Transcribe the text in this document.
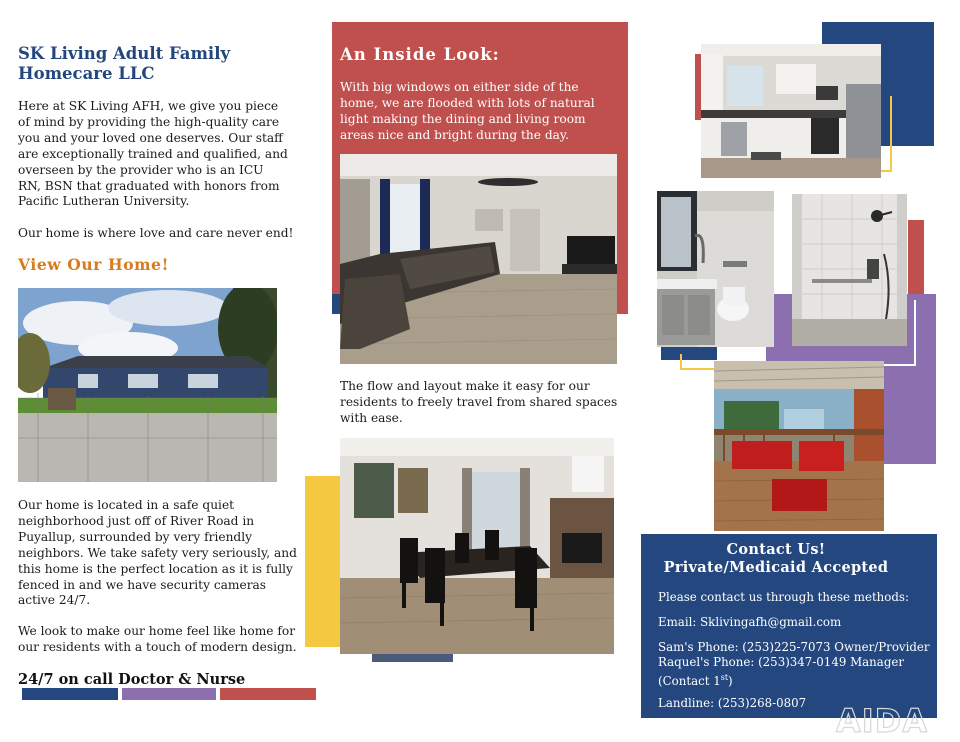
SK Living Adult Family
Homecare LLC
Here at SK Living AFH, we give you piece of mind by providing the high-quality care you and your loved one deserves. Our staff are exceptionally trained and qualified, and overseen by the provider who is an ICU RN, BSN that graduated with honors from Pacific Lutheran University.
Our home is where love and care never end!
View Our Home!
Our home is located in a safe quiet neighborhood just off of River Road in Puyallup, surrounded by very friendly neighbors. We take safety very seriously, and this home is the perfect location as it is fully fenced in and we have security cameras active 24/7.
We look to make our home feel like home for our residents with a touch of modern design.
24/7 on call Doctor & Nurse
An Inside Look:
With big windows on either side of the home, we are flooded with lots of natural light making the dining and living room areas nice and bright during the day.
The flow and layout make it easy for our residents to freely travel from shared spaces with ease.
Contact Us!
Private/Medicaid Accepted
Please contact us through these methods:
Email: Sklivingafh@gmail.com
Sam's Phone: (253)225-7073 Owner/Provider
Raquel's Phone: (253)347-0149 Manager
(Contact 1st)
Landline: (253)268-0807 AIDA
